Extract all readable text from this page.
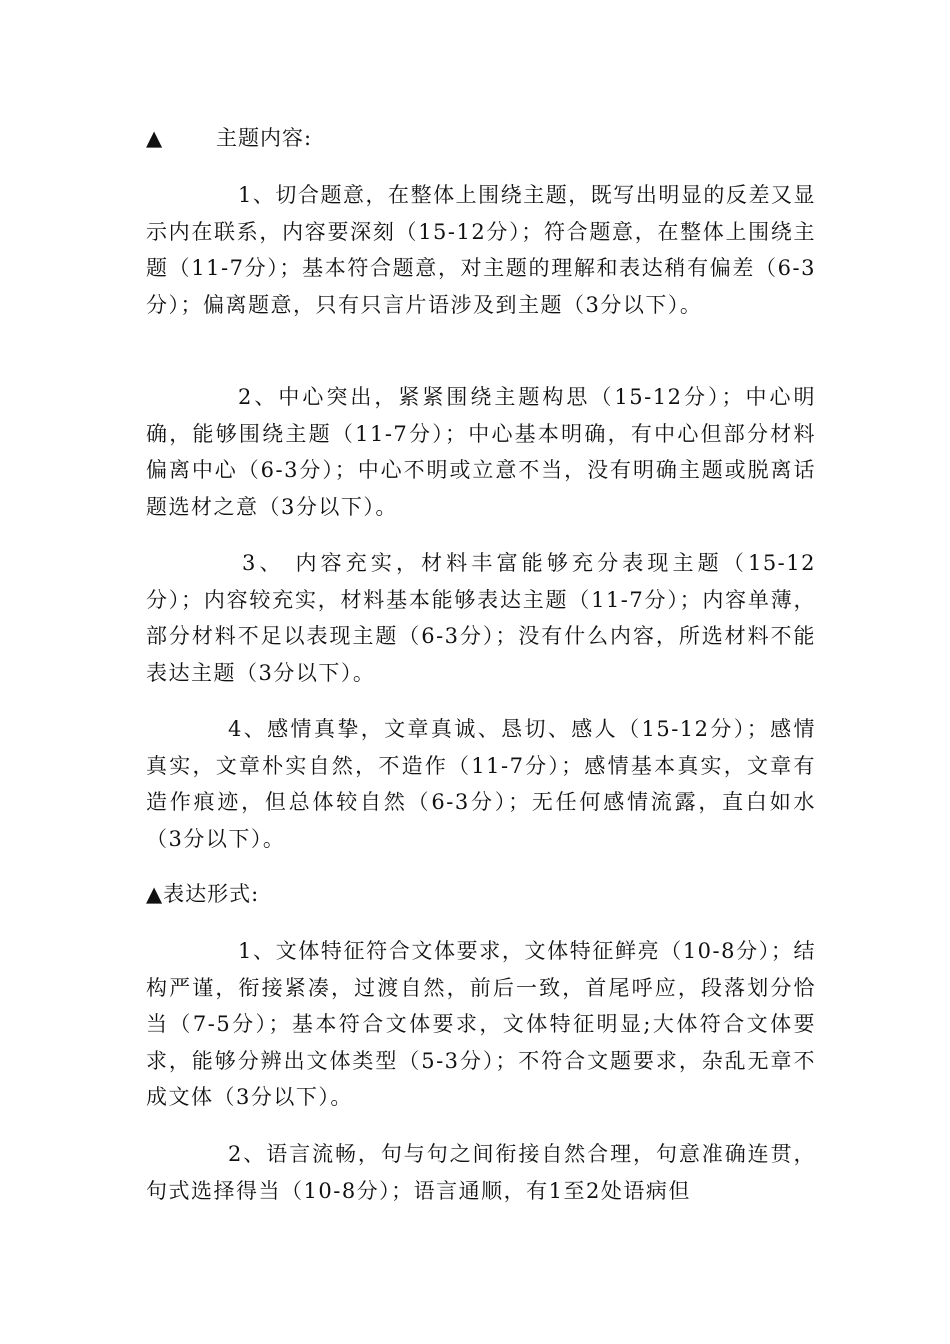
▲	主题内容:

1、切合题意，在整体上围绕主题，既写出明显的反差又显示内在联系，内容要深刻（15-12分）；符合题意，在整体上围绕主题（11-7分）；基本符合题意，对主题的理解和表达稍有偏差（6-3分）；偏离题意，只有只言片语涉及到主题（3分以下）。

2、中心突出，紧紧围绕主题构思（15-12分）；中心明确，能够围绕主题（11-7分）；中心基本明确，有中心但部分材料偏离中心（6-3分）；中心不明或立意不当，没有明确主题或脱离话题选材之意（3分以下）。

3、 内容充实，材料丰富能够充分表现主题（15-12分）；内容较充实，材料基本能够表达主题（11-7分）；内容单薄，部分材料不足以表现主题（6-3分）；没有什么内容，所选材料不能表达主题（3分以下）。

4、感情真挚，文章真诚、恳切、感人（15-12分）；感情真实，文章朴实自然，不造作（11-7分）；感情基本真实，文章有造作痕迹，但总体较自然（6-3分）；无任何感情流露，直白如水（3分以下）。

▲表达形式:

1、文体特征符合文体要求，文体特征鲜亮（10-8分）；结构严谨，衔接紧凑，过渡自然，前后一致，首尾呼应，段落划分恰当（7-5分）；基本符合文体要求，文体特征明显;大体符合文体要求，能够分辨出文体类型（5-3分）；不符合文题要求，杂乱无章不成文体（3分以下）。

2、语言流畅，句与句之间衔接自然合理，句意准确连贯，句式选择得当（10-8分）；语言通顺，有1至2处语病但
